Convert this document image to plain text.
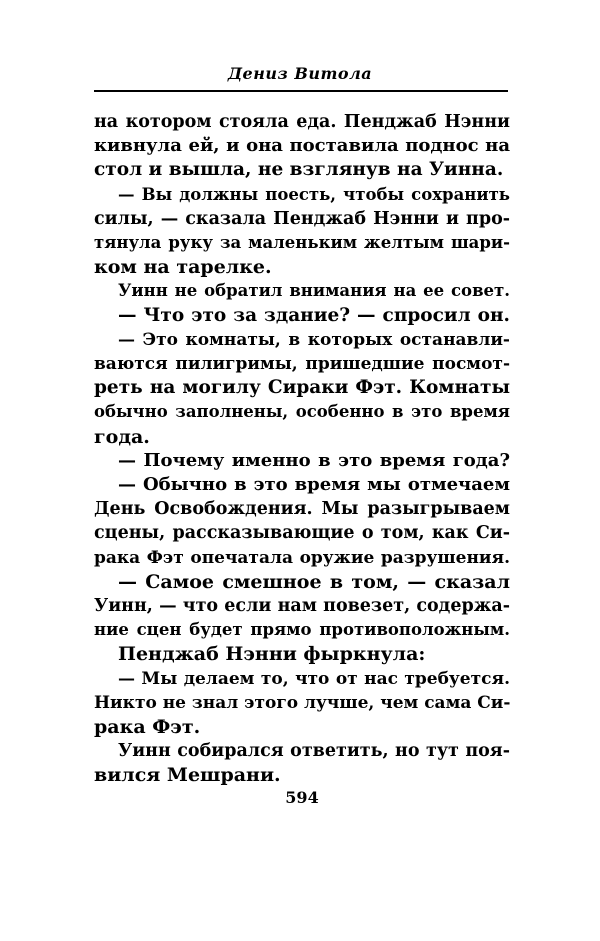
Дениз Витола
на котором стояла еда. Пенджаб Нэнни
кивнула ей, и она поставила поднос на
стол и вышла, не взглянув на Уинна.
— Вы должны поесть, чтобы сохранить
силы, — сказала Пенджаб Нэнни и про-
тянула руку за маленьким желтым шари-
ком на тарелке.
Уинн не обратил внимания на ее совет.
— Что это за здание? — спросил он.
— Это комнаты, в которых останавли-
ваются пилигримы, пришедшие посмот-
реть на могилу Сираки Фэт. Комнаты
обычно заполнены, особенно в это время
года.
— Почему именно в это время года?
— Обычно в это время мы отмечаем
День Освобождения. Мы разыгрываем
сцены, рассказывающие о том, как Си-
рака Фэт опечатала оружие разрушения.
— Самое смешное в том, — сказал
Уинн, — что если нам повезет, содержа-
ние сцен будет прямо противоположным.
Пенджаб Нэнни фыркнула:
— Мы делаем то, что от нас требуется.
Никто не знал этого лучше, чем сама Си-
рака Фэт.
Уинн собирался ответить, но тут поя-
вился Мешрани.
594
